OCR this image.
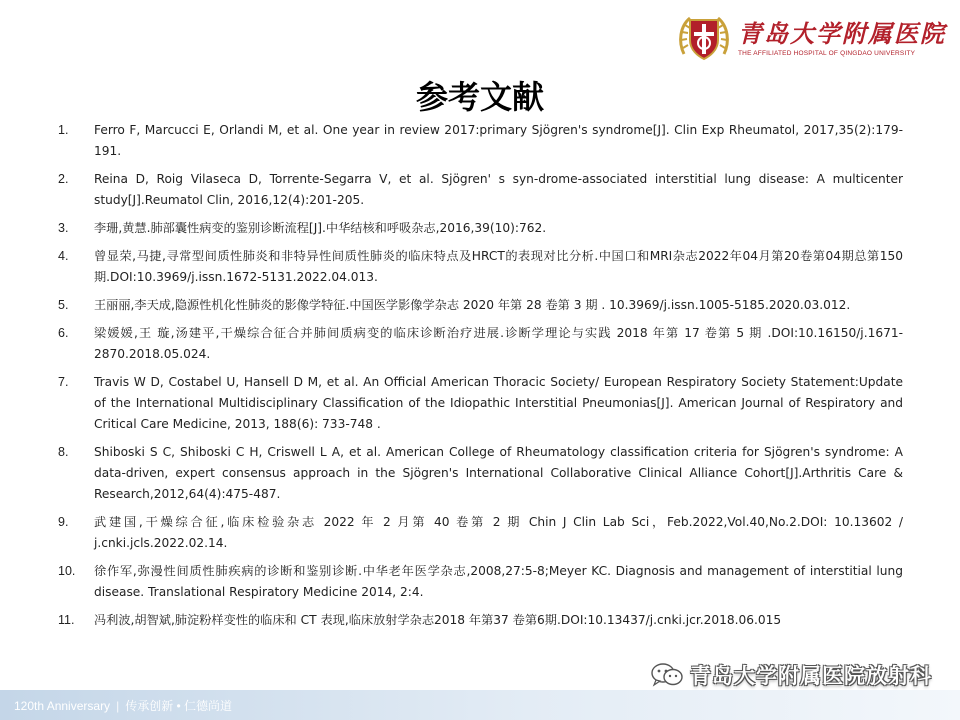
青岛大学附属医院
THE AFFILIATED HOSPITAL OF QINGDAO UNIVERSITY
参考文献
1.	Ferro F, Marcucci E, Orlandi M, et al. One year in review 2017:primary Sjögren's syndrome[J]. Clin Exp Rheumatol, 2017,35(2):179-191.
2.	Reina D, Roig Vilaseca D, Torrente-Segarra V, et al. Sjögren' s syn-drome-associated interstitial lung disease: A multicenter study[J].Reumatol Clin, 2016,12(4):201-205.
3.	李珊,黄慧.肺部囊性病变的鉴别诊断流程[J].中华结核和呼吸杂志,2016,39(10):762.
4.	曾显荣,马捷,寻常型间质性肺炎和非特异性间质性肺炎的临床特点及HRCT的表现对比分析.中国口和MRI杂志2022年04月第20卷第04期总第150期.DOI:10.3969/j.issn.1672-5131.2022.04.013.
5.	王丽丽,李天成,隐源性机化性肺炎的影像学特征.中国医学影像学杂志 2020 年第 28 卷第 3 期 . 10.3969/j.issn.1005-5185.2020.03.012.
6.	梁媛媛,王 璇,汤建平,干燥综合征合并肺间质病变的临床诊断治疗进展.诊断学理论与实践 2018 年第 17 卷第 5 期 .DOI:10.16150/j.1671-2870.2018.05.024.
7.	Travis W D, Costabel U, Hansell D M, et al. An Official American Thoracic Society/ European Respiratory Society Statement:Update of the International Multidisciplinary Classification of the Idiopathic Interstitial Pneumonias[J]. American Journal of Respiratory and Critical Care Medicine, 2013, 188(6): 733-748 .
8.	Shiboski S C, Shiboski C H, Criswell L A, et al. American College of Rheumatology classification criteria for Sjögren's syndrome: A data-driven, expert consensus approach in the Sjögren's International Collaborative Clinical Alliance Cohort[J].Arthritis Care & Research,2012,64(4):475-487.
9.	武建国,干燥综合征,临床检验杂志 2022 年 2 月第 40 卷第 2 期 Chin J Clin Lab Sci，Feb.2022,Vol.40,No.2.DOI: 10.13602 / j.cnki.jcls.2022.02.14.
10.	徐作军,弥漫性间质性肺疾病的诊断和鉴别诊断.中华老年医学杂志,2008,27:5-8;Meyer KC. Diagnosis and management of interstitial lung disease. Translational Respiratory Medicine 2014, 2:4.
11.	冯利波,胡智斌,肺淀粉样变性的临床和 CT 表现,临床放射学杂志2018 年第37 卷第6期.DOI:10.13437/j.cnki.jcr.2018.06.015
青岛大学附属医院放射科
120th Anniversary | 传承创新 • 仁德尚道
